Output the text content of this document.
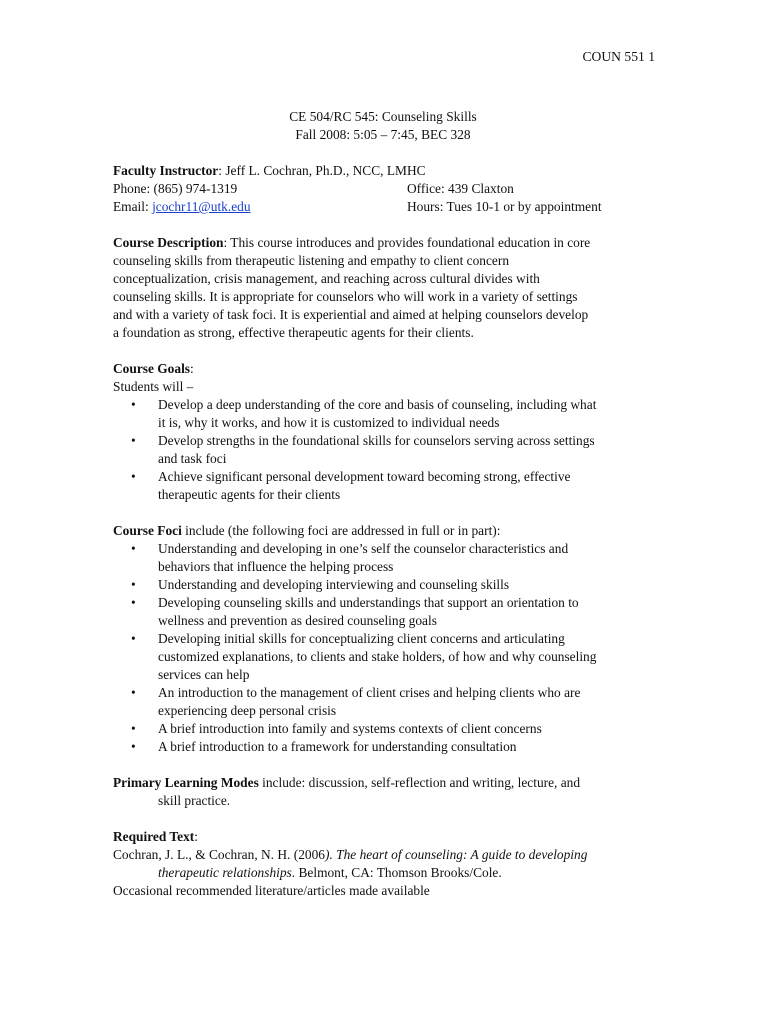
COUN 551 1
CE 504/RC 545: Counseling Skills
Fall 2008: 5:05 – 7:45, BEC 328
Faculty Instructor: Jeff L. Cochran, Ph.D., NCC, LMHC
Phone: (865) 974-1319	Office: 439 Claxton
Email: jcochr11@utk.edu	Hours: Tues 10-1 or by appointment
Course Description: This course introduces and provides foundational education in core
counseling skills from therapeutic listening and empathy to client concern
conceptualization, crisis management, and reaching across cultural divides with
counseling skills. It is appropriate for counselors who will work in a variety of settings
and with a variety of task foci. It is experiential and aimed at helping counselors develop
a foundation as strong, effective therapeutic agents for their clients.
Course Goals:
Students will –
• Develop a deep understanding of the core and basis of counseling, including what
it is, why it works, and how it is customized to individual needs
• Develop strengths in the foundational skills for counselors serving across settings
and task foci
• Achieve significant personal development toward becoming strong, effective
therapeutic agents for their clients
Course Foci include (the following foci are addressed in full or in part):
• Understanding and developing in one’s self the counselor characteristics and
behaviors that influence the helping process
• Understanding and developing interviewing and counseling skills
• Developing counseling skills and understandings that support an orientation to
wellness and prevention as desired counseling goals
• Developing initial skills for conceptualizing client concerns and articulating
customized explanations, to clients and stake holders, of how and why counseling
services can help
• An introduction to the management of client crises and helping clients who are
experiencing deep personal crisis
• A brief introduction into family and systems contexts of client concerns
• A brief introduction to a framework for understanding consultation
Primary Learning Modes include: discussion, self-reflection and writing, lecture, and
skill practice.
Required Text:
Cochran, J. L., & Cochran, N. H. (2006). The heart of counseling: A guide to developing
therapeutic relationships. Belmont, CA: Thomson Brooks/Cole.
Occasional recommended literature/articles made available
